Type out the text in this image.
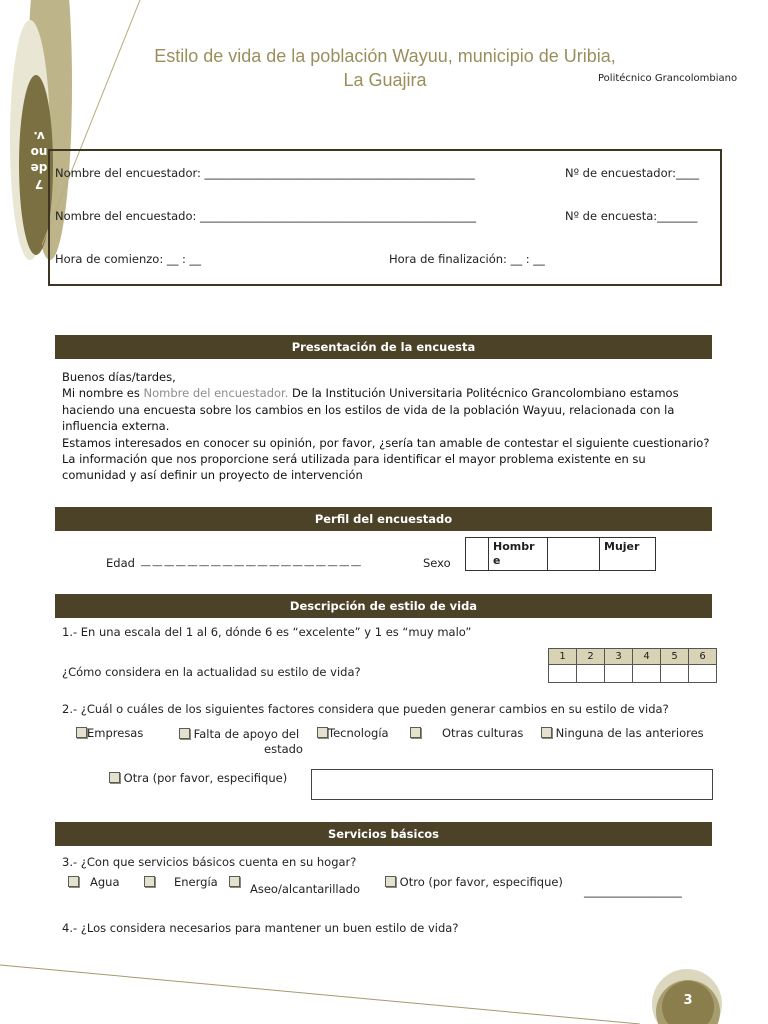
7
de
no
v.
Estilo de vida de la población Wayuu, municipio de Uribia,
La Guajira	Politécnico Grancolombiano
Nombre del encuestador: _______________________________________________	Nº de encuestador:____
Nombre del encuestado: ________________________________________________	Nº de encuesta:_______
Hora de comienzo: __ : __	Hora de finalización: __ : __
Presentación de la encuesta

Buenos días/tardes,

Mi nombre es Nombre del encuestador. De la Institución Universitaria Politécnico Grancolombiano estamos haciendo una encuesta sobre los cambios en los estilos de vida de la población Wayuu, relacionada con la influencia externa.

Estamos interesados en conocer su opinión, por favor, ¿sería tan amable de contestar el siguiente cuestionario? La información que nos proporcione será utilizada para identificar el mayor problema existente en su comunidad y así definir un proyecto de intervención

Perfil del encuestado
Edad __ __ __ __ __ __ __ __ __ __ __ __ __ __ __ __ __ __ __	Sexo

Hombr
e
		Mujer
Descripción de estilo de vida
1.- En una escala del 1 al 6, dónde 6 es “excelente” y 1 es “muy malo”
¿Cómo considera en la actualidad su estilo de vida?
1	2	3	4	5	6

2.- ¿Cuál o cuáles de los siguientes factores considera que pueden generar cambios en su estilo de vida?
Empresas	Falta de apoyo del
estado
Tecnología	Otras culturas	Ninguna de las anteriores
Otra (por favor, especifique)
Servicios básicos
3.- ¿Con que servicios básicos cuenta en su hogar?
Agua	Energía	Aseo/alcantarillado	Otro (por favor, especifique)
_________________
4.- ¿Los considera necesarios para mantener un buen estilo de vida?
3
